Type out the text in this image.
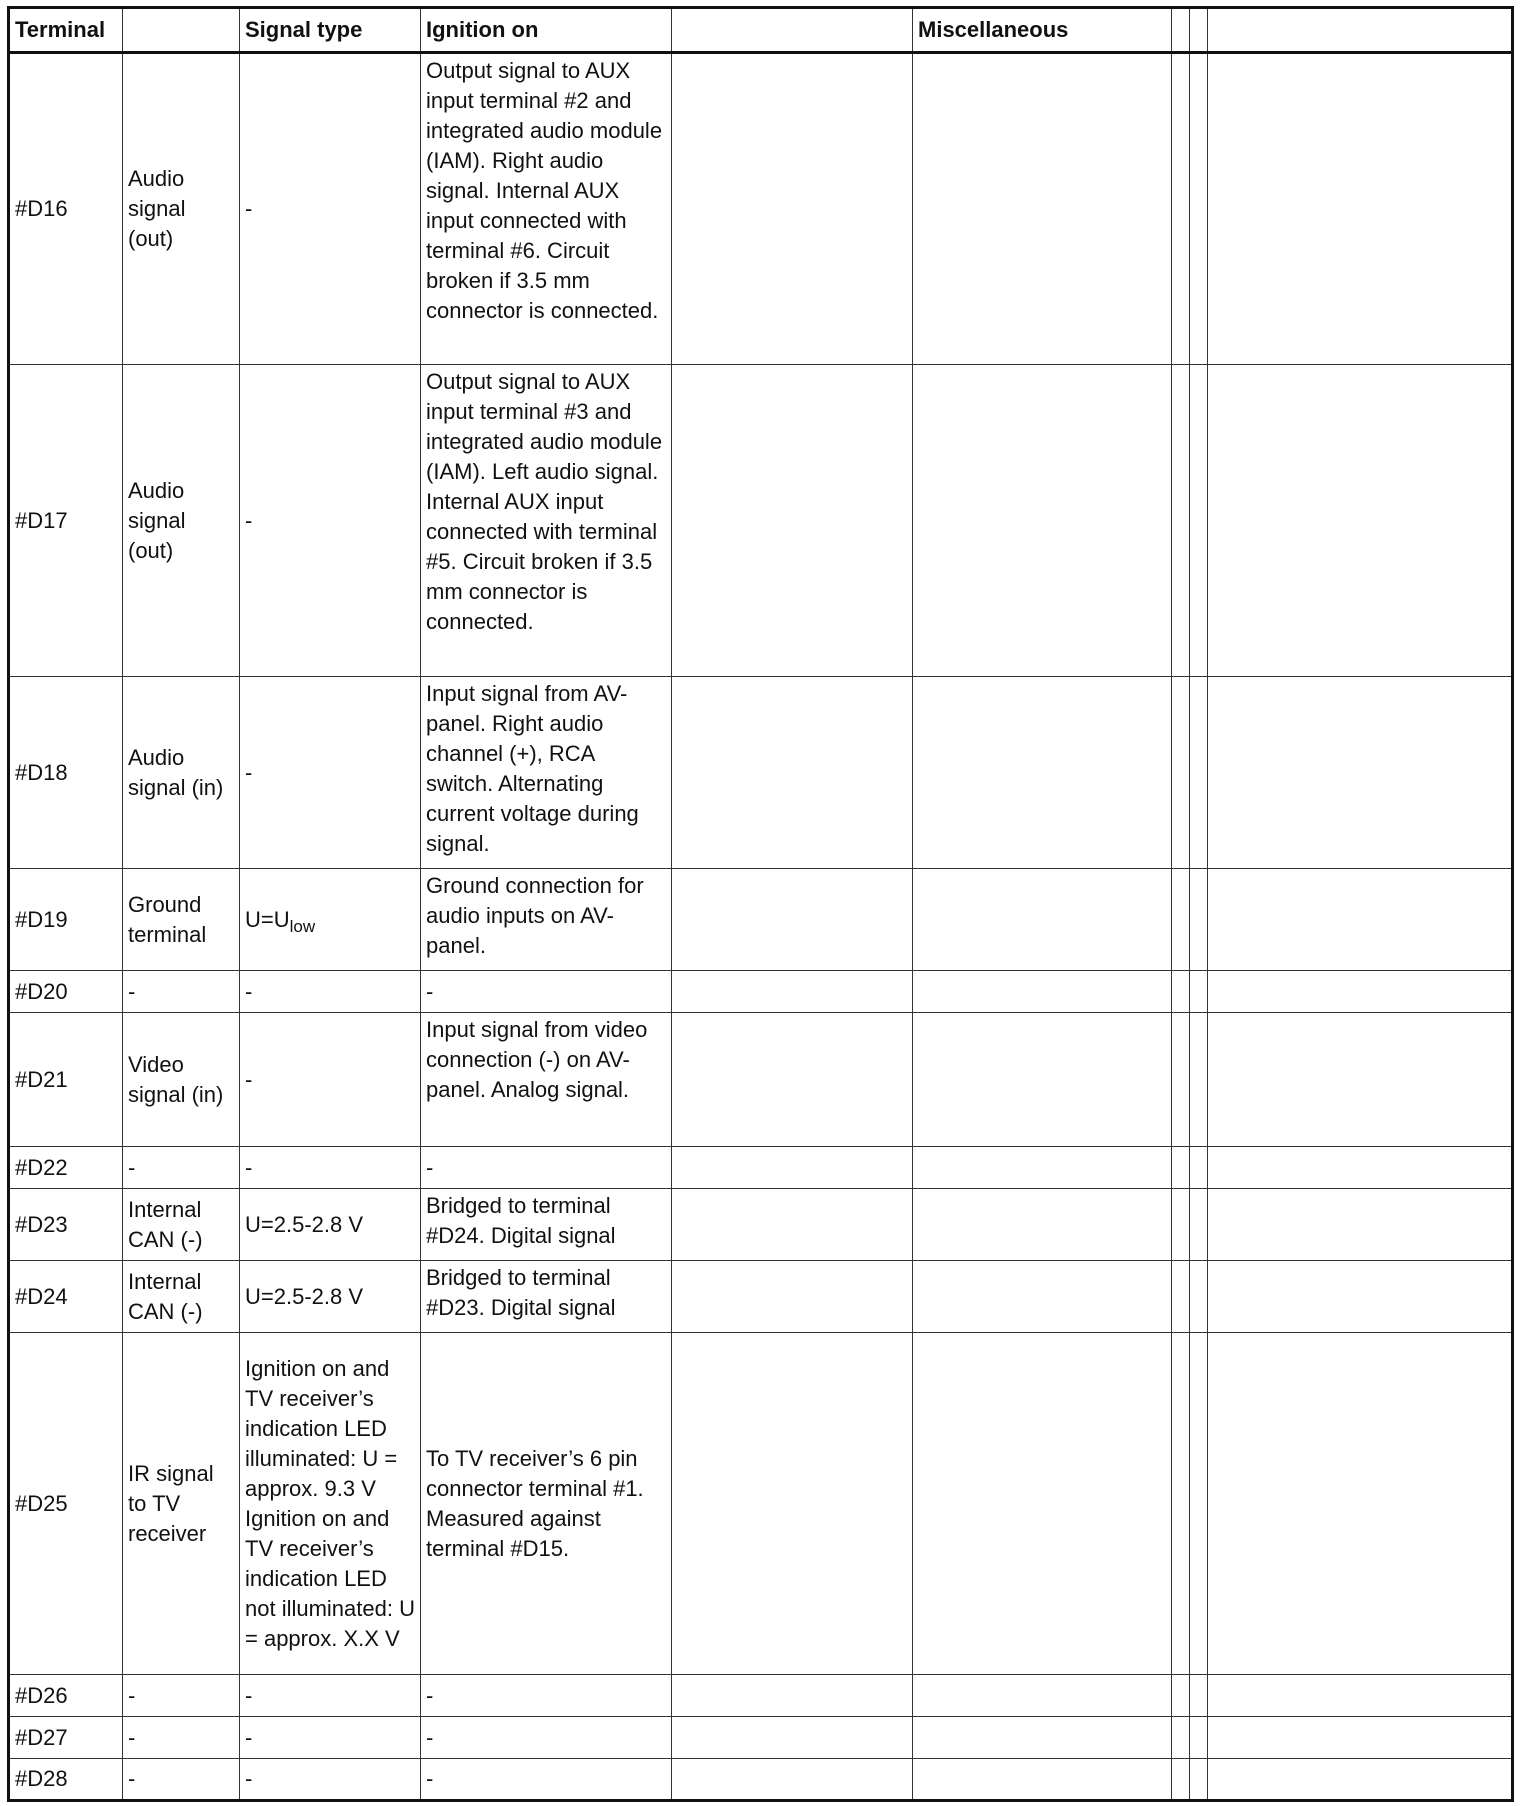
Terminal		Signal type	Ignition on		Miscellaneous			
#D16	Audio signal (out)	-	Output signal to AUX input terminal #2 and integrated audio module (IAM). Right audio signal. Internal AUX input connected with terminal #6. Circuit broken if 3.5 mm connector is connected.					
#D17	Audio signal (out)	-	Output signal to AUX input terminal #3 and integrated audio module (IAM). Left audio signal. Internal AUX input connected with terminal #5. Circuit broken if 3.5 mm connector is connected.					
#D18	Audio signal (in)	-	Input signal from AV-panel. Right audio channel (+), RCA switch. Alternating current voltage during signal.					
#D19	Ground terminal	$U=U_{low}$	Ground connection for audio inputs on AV-panel.					
#D20	-	-	-					
#D21	Video signal (in)	-	Input signal from video connection (-) on AV-panel. Analog signal.					
#D22	-	-	-					
#D23	Internal CAN (-)	U=2.5-2.8 V	Bridged to terminal #D24. Digital signal					
#D24	Internal CAN (-)	U=2.5-2.8 V	Bridged to terminal #D23. Digital signal					
#D25	IR signal to TV receiver	Ignition on and TV receiver’s indication LED illuminated: U = approx. 9.3 V Ignition on and TV receiver’s indication LED not illuminated: U = approx. X.X V	To TV receiver’s 6 pin connector terminal #1. Measured against terminal #D15.					
#D26	-	-	-					
#D27	-	-	-					
#D28	-	-	-					
